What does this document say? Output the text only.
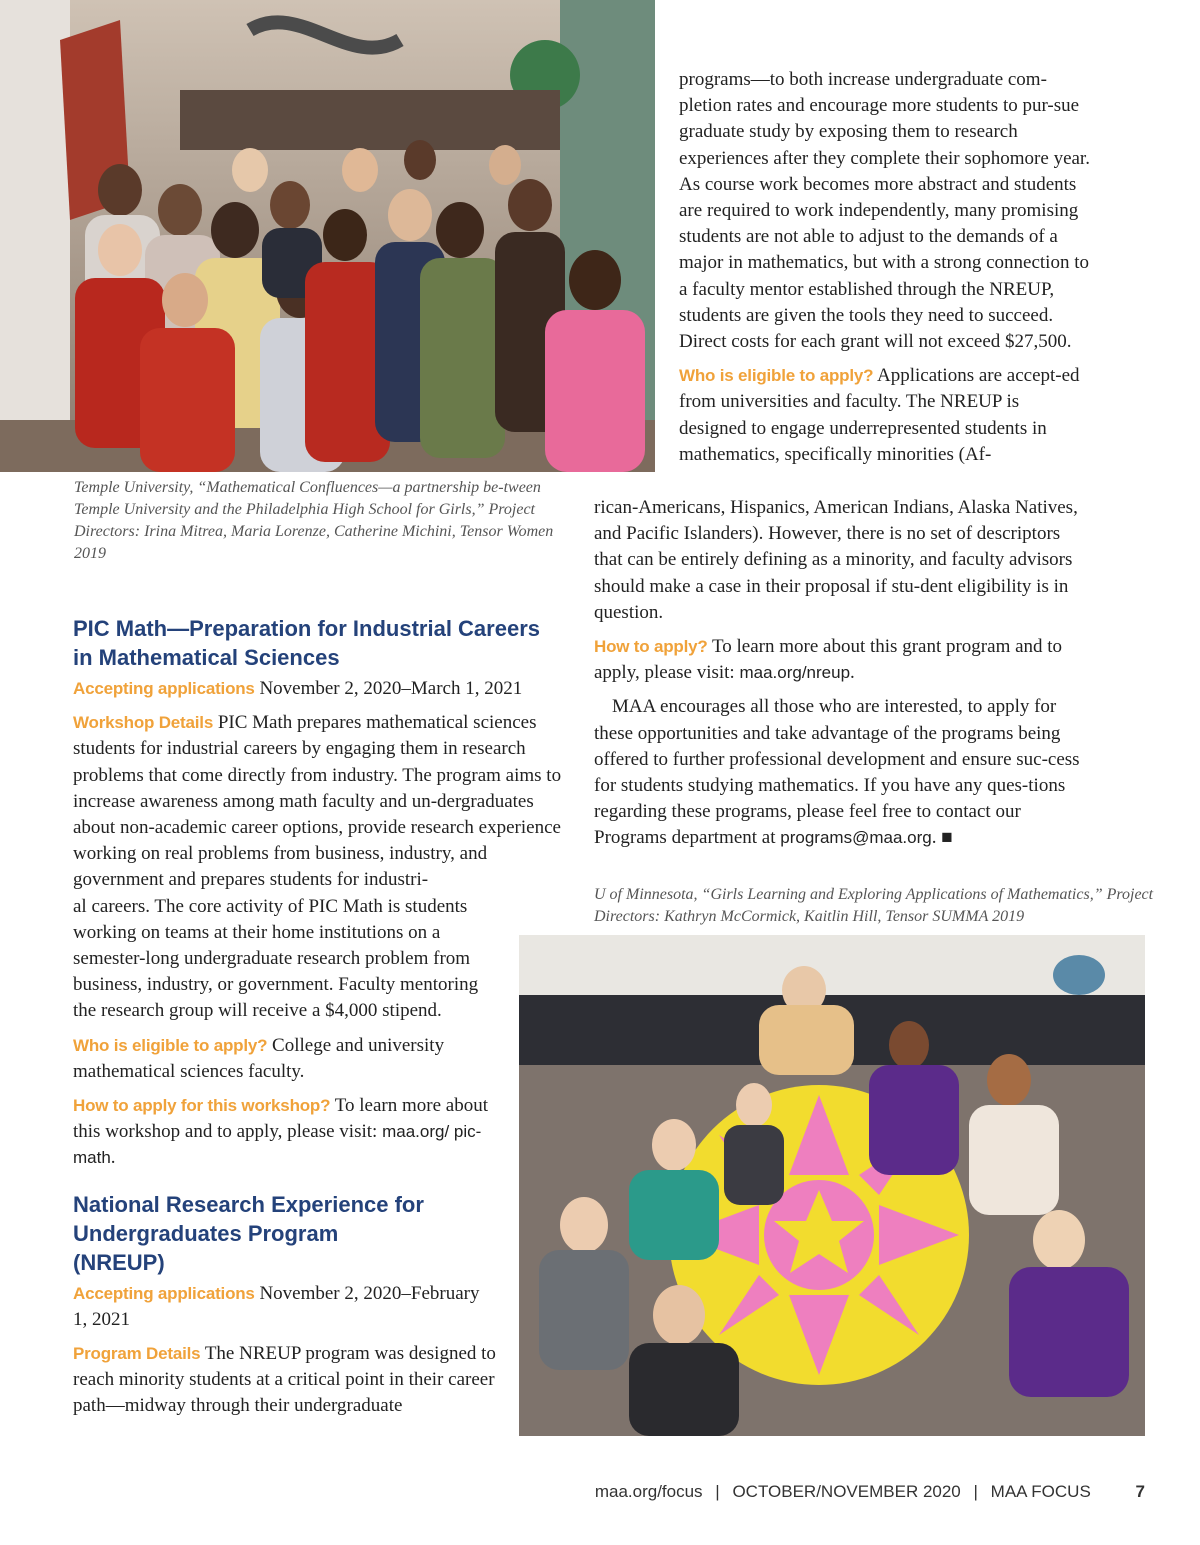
Temple University, “Mathematical Confluences—a partnership be-tween Temple University and the Philadelphia High School for Girls,” Project Directors: Irina Mitrea, Maria Lorenze, Catherine Michini, Tensor Women 2019

programs—to both increase undergraduate com-pletion rates and encourage more students to pur-sue graduate study by exposing them to research experiences after they complete their sophomore year. As course work becomes more abstract and students are required to work independently, many promising students are not able to adjust to the demands of a major in mathematics, but with a strong connection to a faculty mentor established through the NREUP, students are given the tools they need to succeed. Direct costs for each grant will not exceed $27,500.

Who is eligible to apply? Applications are accept-ed from universities and faculty. The NREUP is designed to engage underrepresented students in mathematics, specifically minorities (Af-

rican-Americans, Hispanics, American Indians, Alaska Natives, and Pacific Islanders). However, there is no set of descriptors that can be entirely defining as a minority, and faculty advisors should make a case in their proposal if stu-dent eligibility is in question.

How to apply? To learn more about this grant program and to apply, please visit: maa.org/nreup.

MAA encourages all those who are interested, to apply for these opportunities and take advantage of the programs being offered to further professional development and ensure suc-cess for students studying mathematics. If you have any ques-tions regarding these programs, please feel free to contact our Programs department at programs@maa.org. ■

U of Minnesota, “Girls Learning and Exploring Applications of Mathematics,” Project Directors: Kathryn McCormick, Kaitlin Hill, Tensor SUMMA 2019
PIC Math—Preparation for Industrial Careers in Mathematical Sciences

Accepting applications November 2, 2020–March 1, 2021

Workshop Details PIC Math prepares mathematical sciences students for industrial careers by engaging them in research problems that come directly from industry. The program aims to increase awareness among math faculty and un-dergraduates about non-academic career options, provide research experience working on real problems from business, industry, and government and prepares students for industri-

al careers. The core activity of PIC Math is students working on teams at their home institutions on a semester-long undergraduate research problem from business, industry, or government. Faculty mentoring the research group will receive a $4,000 stipend.

Who is eligible to apply? College and university mathematical sciences faculty.

How to apply for this workshop? To learn more about this workshop and to apply, please visit: maa.org/ pic-math.

National Research Experience for Undergraduates Program (NREUP)

Accepting applications November 2, 2020–February 1, 2021

Program Details The NREUP program was designed to reach minority students at a critical point in their career path—midway through their undergraduate

maa.org/focus | OCTOBER/NOVEMBER 2020 | MAA FOCUS	7
